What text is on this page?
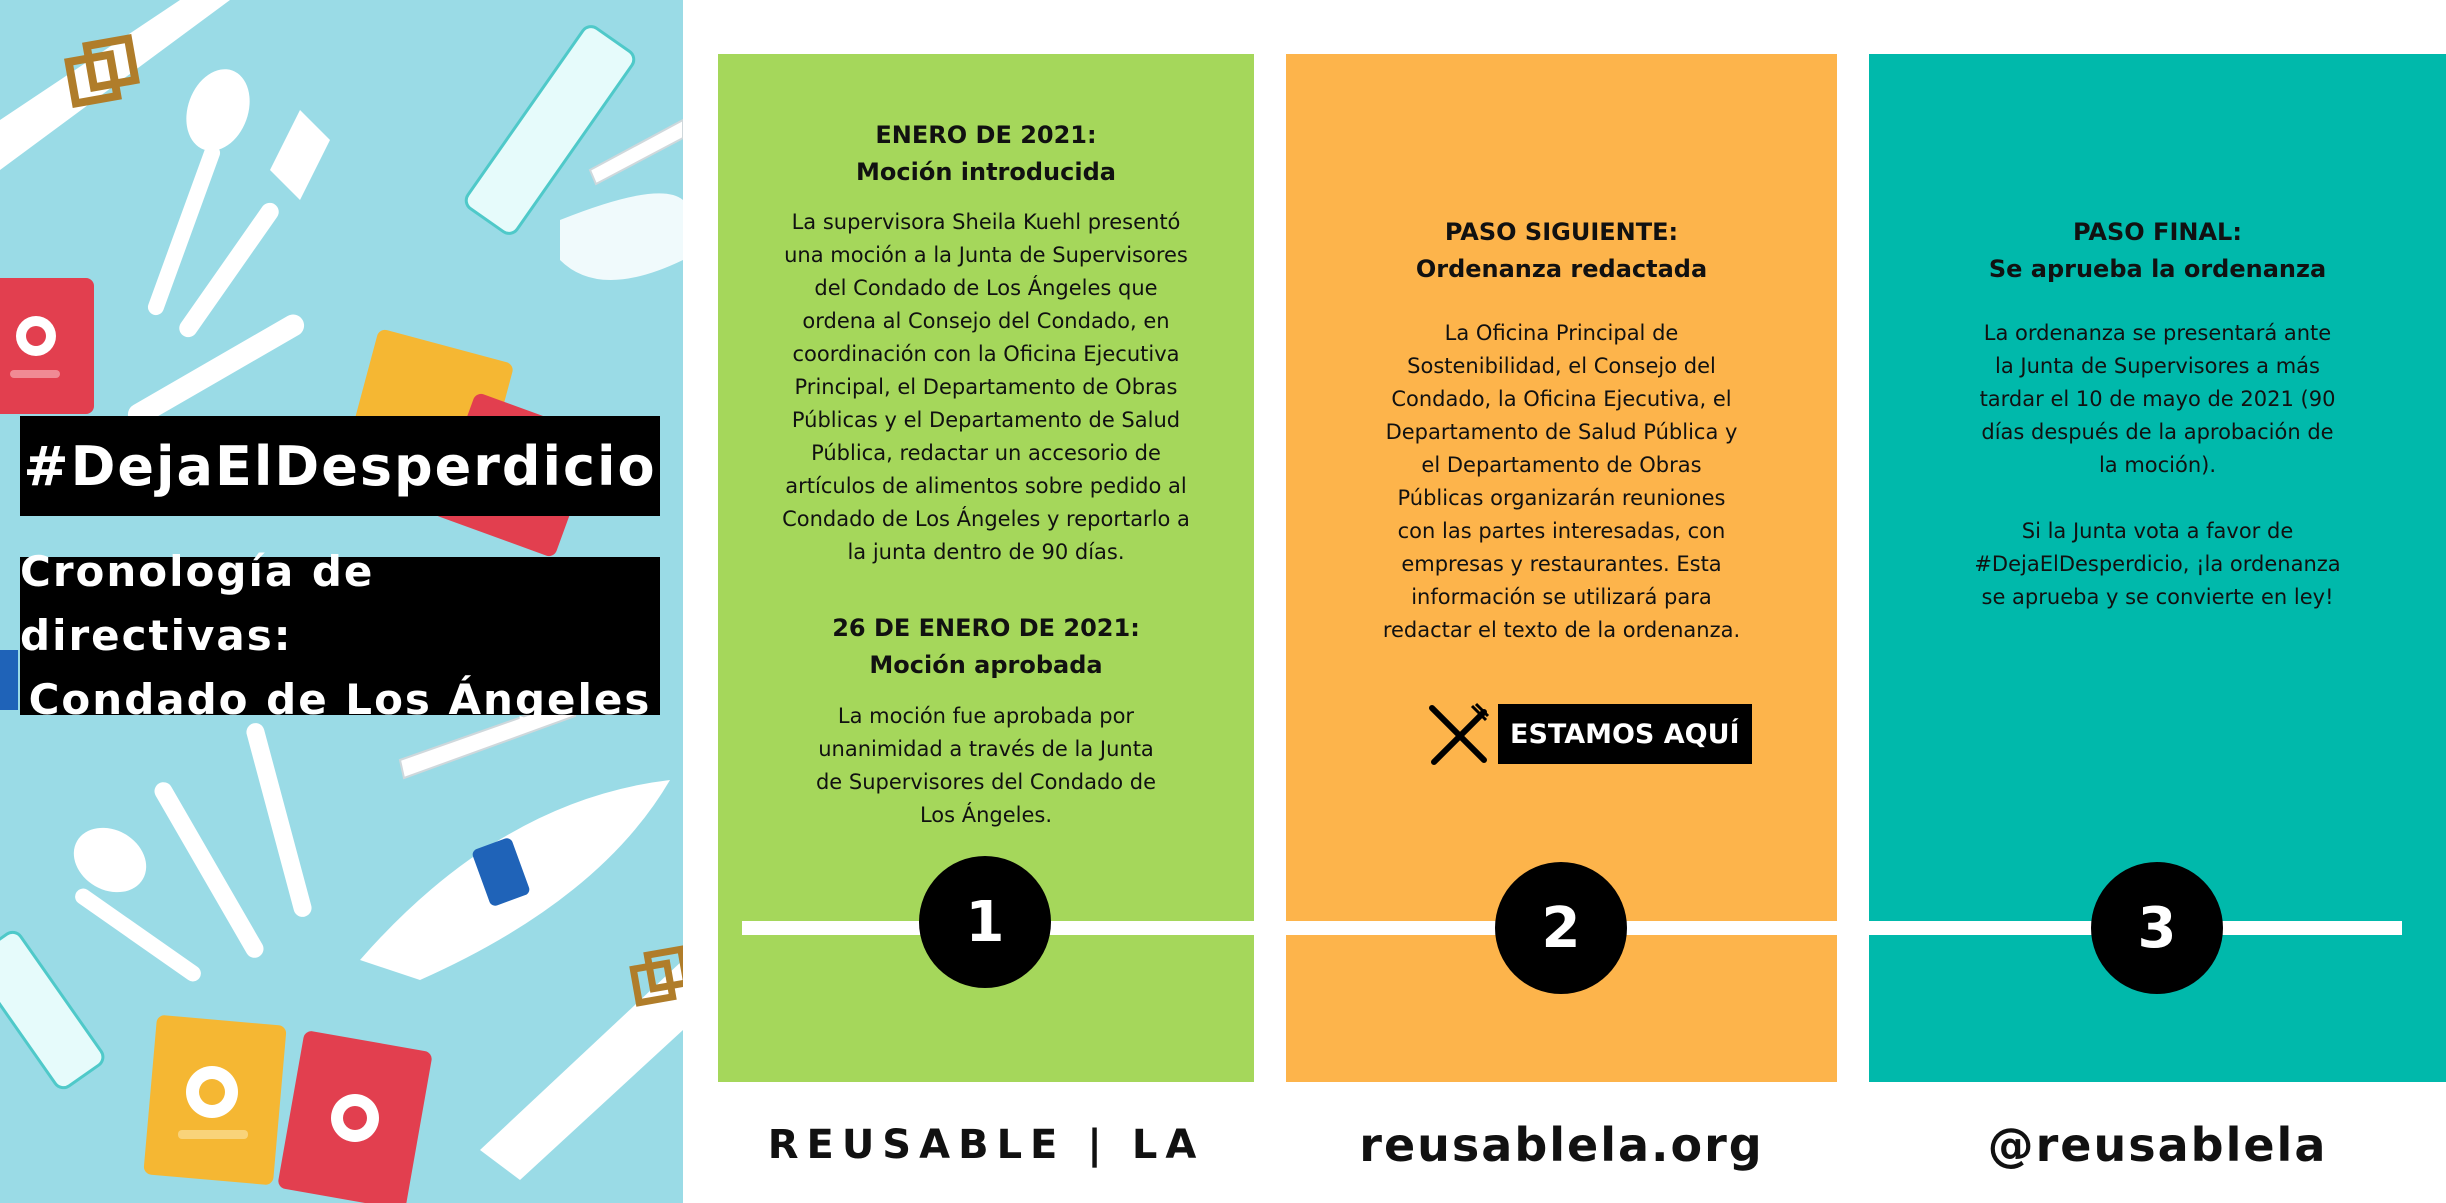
#DejaElDesperdicio
Cronología de directivas:
Condado de Los Ángeles
ENERO DE 2021:
Moción introducida
La supervisora Sheila Kuehl presentó
una moción a la Junta de Supervisores
del Condado de Los Ángeles que
ordena al Consejo del Condado, en
coordinación con la Oficina Ejecutiva
Principal, el Departamento de Obras
Públicas y el Departamento de Salud
Pública, redactar un accesorio de
artículos de alimentos sobre pedido al
Condado de Los Ángeles y reportarlo a
la junta dentro de 90 días.
26 DE ENERO DE 2021:
Moción aprobada
La moción fue aprobada por
unanimidad a través de la Junta
de Supervisores del Condado de
Los Ángeles.
PASO SIGUIENTE:
Ordenanza redactada
La Oficina Principal de
Sostenibilidad, el Consejo del
Condado, la Oficina Ejecutiva, el
Departamento de Salud Pública y
el Departamento de Obras
Públicas organizarán reuniones
con las partes interesadas, con
empresas y restaurantes. Esta
información se utilizará para
redactar el texto de la ordenanza.
PASO FINAL:
Se aprueba la ordenanza
La ordenanza se presentará ante
la Junta de Supervisores a más
tardar el 10 de mayo de 2021 (90
días después de la aprobación de
la moción).
Si la Junta vota a favor de
#DejaElDesperdicio, ¡la ordenanza
se aprueba y se convierte en ley!
1	2	3
ESTAMOS AQUÍ
REUSABLE | LA	reusablela.org	@reusablela
